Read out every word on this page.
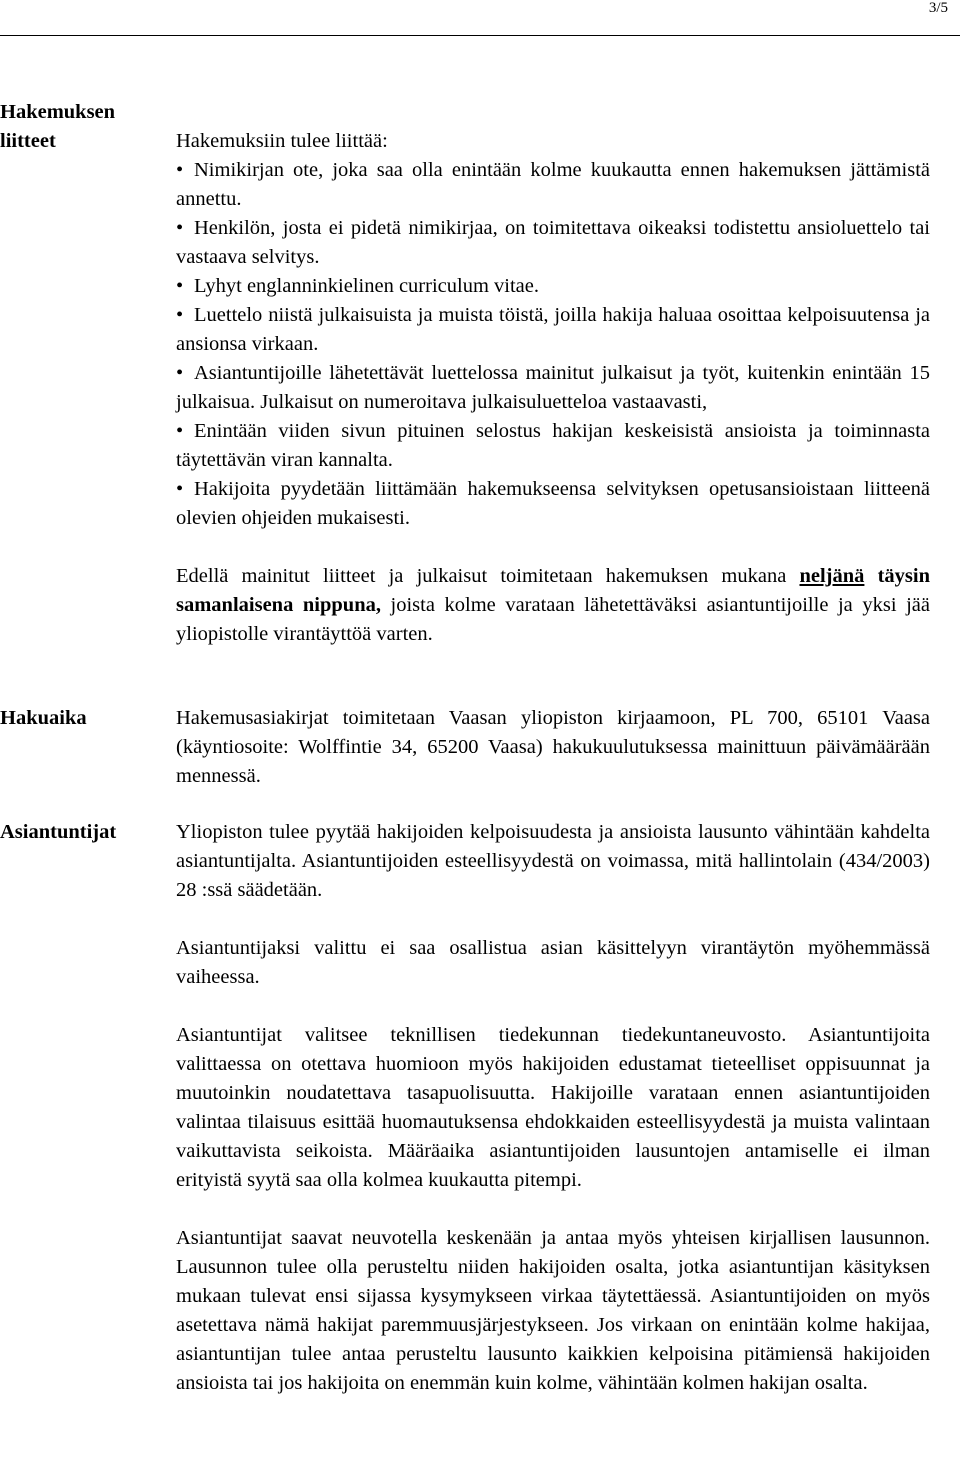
3/5
Hakemuksen liitteet	Hakemuksiin tulee liittää:

• Nimikirjan ote, joka saa olla enintään kolme kuukautta ennen hakemuksen jättämistä annettu.
• Henkilön, josta ei pidetä nimikirjaa, on toimitettava oikeaksi todistettu ansioluettelo tai vastaava selvitys.
• Lyhyt englanninkielinen curriculum vitae.
• Luettelo niistä julkaisuista ja muista töistä, joilla hakija haluaa osoittaa kelpoisuutensa ja ansionsa virkaan.
• Asiantuntijoille lähetettävät luettelossa mainitut julkaisut ja työt, kuitenkin enintään 15 julkaisua. Julkaisut on numeroitava julkaisuluetteloa vastaavasti,
• Enintään viiden sivun pituinen selostus hakijan keskeisistä ansioista ja toiminnasta täytettävän viran kannalta.
• Hakijoita pyydetään liittämään hakemukseensa selvityksen opetusansioistaan liitteenä olevien ohjeiden mukaisesti.

Edellä mainitut liitteet ja julkaisut toimitetaan hakemuksen mukana neljänä täysin samanlaisena nippuna, joista kolme varataan lähetettäväksi asiantuntijoille ja yksi jää yliopistolle virantäyttöä varten.

Hakuaika	Hakemusasiakirjat toimitetaan Vaasan yliopiston kirjaamoon, PL 700, 65101 Vaasa (käyntiosoite: Wolffintie 34, 65200 Vaasa) hakukuulutuksessa mainittuun päivämäärään mennessä.

Asiantuntijat	Yliopiston tulee pyytää hakijoiden kelpoisuudesta ja ansioista lausunto vähintään kahdelta asiantuntijalta. Asiantuntijoiden esteellisyydestä on voimassa, mitä hallintolain (434/2003) 28 :ssä säädetään.

Asiantuntijaksi valittu ei saa osallistua asian käsittelyyn virantäytön myöhemmässä vaiheessa.

Asiantuntijat valitsee teknillisen tiedekunnan tiedekuntaneuvosto. Asiantuntijoita valittaessa on otettava huomioon myös hakijoiden edustamat tieteelliset oppisuunnat ja muutoinkin noudatettava tasapuolisuutta. Hakijoille varataan ennen asiantuntijoiden valintaa tilaisuus esittää huomautuksensa ehdokkaiden esteellisyydestä ja muista valintaan vaikuttavista seikoista. Määräaika asiantuntijoiden lausuntojen antamiselle ei ilman erityistä syytä saa olla kolmea kuukautta pitempi.

Asiantuntijat saavat neuvotella keskenään ja antaa myös yhteisen kirjallisen lausunnon. Lausunnon tulee olla perusteltu niiden hakijoiden osalta, jotka asiantuntijan käsityksen mukaan tulevat ensi sijassa kysymykseen virkaa täytettäessä. Asiantuntijoiden on myös asetettava nämä hakijat paremmuusjärjestykseen. Jos virkaan on enintään kolme hakijaa, asiantuntijan tulee antaa perusteltu lausunto kaikkien kelpoisina pitämiensä hakijoiden ansioista tai jos hakijoita on enemmän kuin kolme, vähintään kolmen hakijan osalta.
